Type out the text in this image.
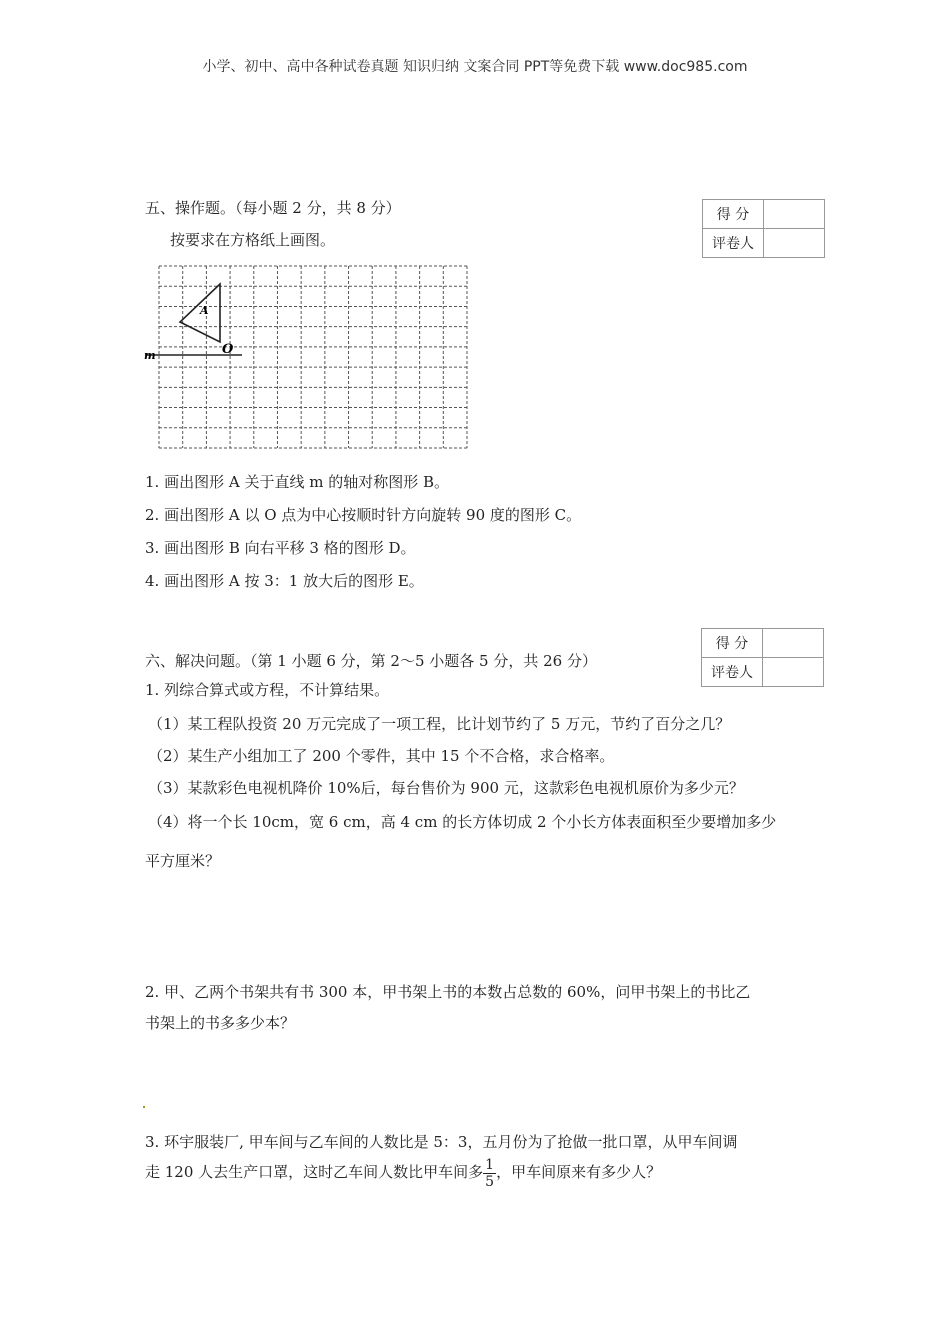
小学、初中、高中各种试卷真题 知识归纳 文案合同 PPT等免费下载 www.doc985.com
五、操作题。（每小题 2 分，共 8 分）
按要求在方格纸上画图。
得 分	
评卷人	
A
O
m
1. 画出图形 A 关于直线 m 的轴对称图形 B。
2. 画出图形 A 以 O 点为中心按顺时针方向旋转 90 度的图形 C。
3. 画出图形 B 向右平移 3 格的图形 D。
4. 画出图形 A 按 3：1 放大后的图形 E。
得 分	
评卷人	
六、解决问题。（第 1 小题 6 分，第 2～5 小题各 5 分，共 26 分）
1. 列综合算式或方程，不计算结果。
（1）某工程队投资 20 万元完成了一项工程，比计划节约了 5 万元，节约了百分之几？
（2）某生产小组加工了 200 个零件，其中 15 个不合格，求合格率。
（3）某款彩色电视机降价 10%后，每台售价为 900 元，这款彩色电视机原价为多少元？
（4）将一个长 10cm，宽 6 cm，高 4 cm 的长方体切成 2 个小长方体表面积至少要增加多少
平方厘米？
2. 甲、乙两个书架共有书 300 本，甲书架上书的本数占总数的 60%，问甲书架上的书比乙
书架上的书多多少本？
3. 环宇服装厂, 甲车间与乙车间的人数比是 5：3，五月份为了抢做一批口罩，从甲车间调
走 120 人去生产口罩，这时乙车间人数比甲车间多 $\frac{1}{5}$ ，甲车间原来有多少人？
